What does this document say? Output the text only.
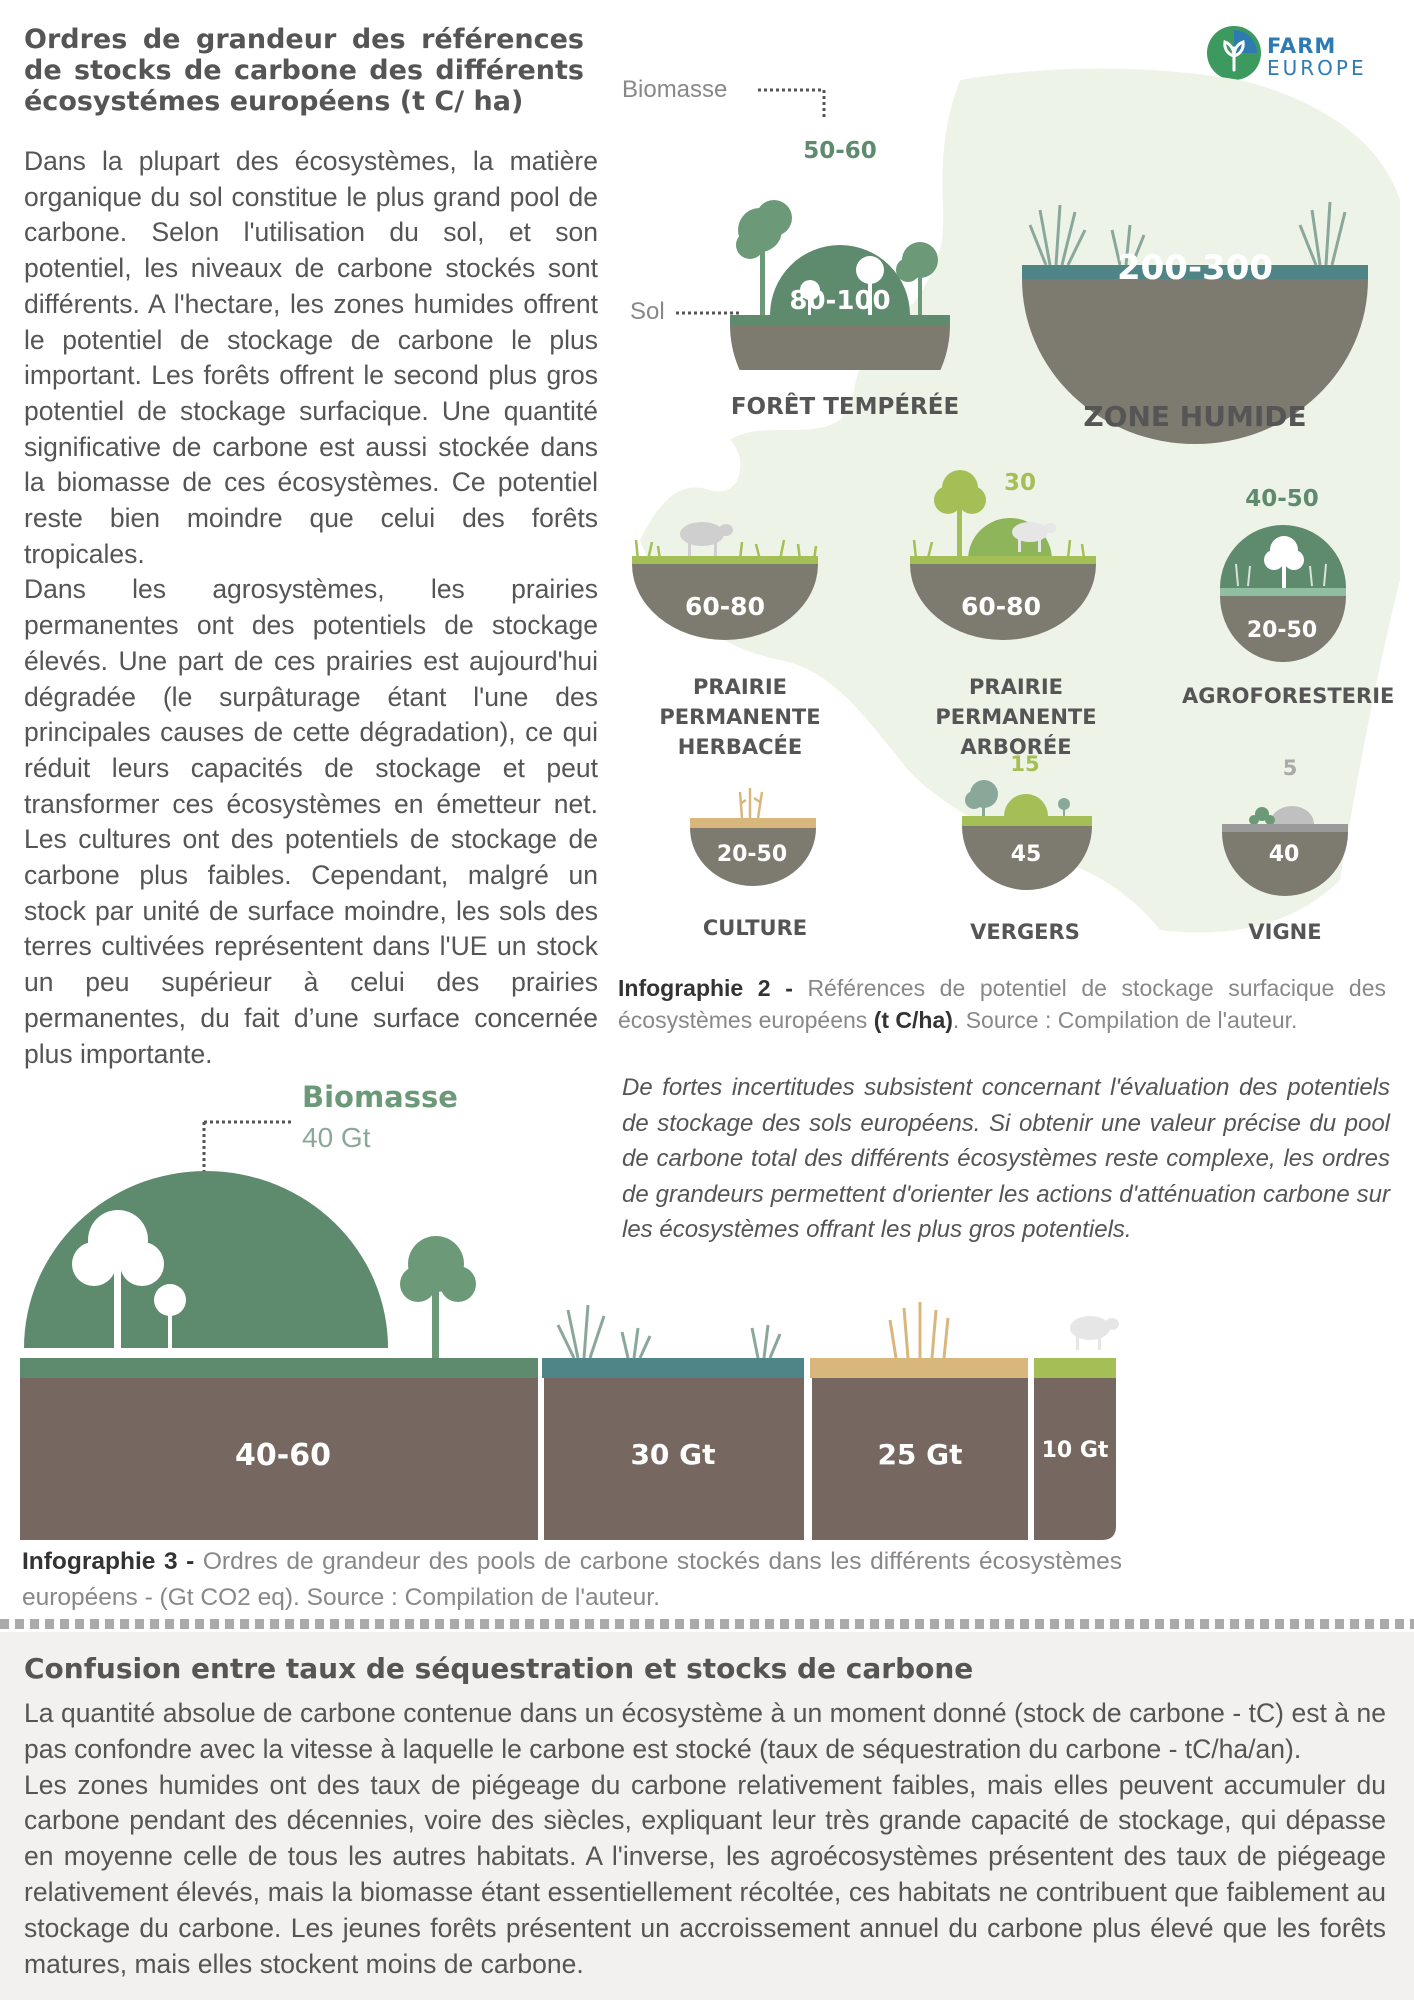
Ordres de grandeur des références de stocks de carbone des différents écosystémes européens (t C/ ha)
FARM
EUROPE

Dans la plupart des écosystèmes, la matière organique du sol constitue le plus grand pool de carbone. Selon l'utilisation du sol, et son potentiel, les niveaux de carbone stockés sont différents. A l'hectare, les zones humides offrent le potentiel de stockage de carbone le plus important. Les forêts offrent le second plus gros potentiel de stockage surfacique. Une quantité significative de carbone est aussi stockée dans la biomasse de ces écosystèmes. Ce potentiel reste bien moindre que celui des forêts tropicales.

Dans les agrosystèmes, les prairies permanentes ont des potentiels de stockage élevés. Une part de ces prairies est aujourd'hui dégradée (le surpâturage étant l'une des principales causes de cette dégradation), ce qui réduit leurs capacités de stockage et peut transformer ces écosystèmes en émetteur net. Les cultures ont des potentiels de stockage de carbone plus faibles. Cependant, malgré un stock par unité de surface moindre, les sols des terres cultivées représentent dans l'UE un stock un peu supérieur à celui des prairies permanentes, du fait d’une surface concernée plus importante.

Biomasse
Sol
50-60
80-100
FORÊT TEMPÉRÉE
200-300
ZONE HUMIDE
60-80
PRAIRIE PERMANENTE
HERBACÉE
30
60-80
PRAIRIE PERMANENTE
ARBORÉE
40-50
20-50
AGROFORESTERIE
20-50
CULTURE
15
45
VERGERS
5
40
VIGNE
Infographie 2 - Références de potentiel de stockage surfacique des écosystèmes européens (t C/ha). Source : Compilation de l'auteur.
De fortes incertitudes subsistent concernant l'évaluation des potentiels de stockage des sols européens. Si obtenir une valeur précise du pool de carbone total des différents écosystèmes reste complexe, les ordres de grandeurs permettent d'orienter les actions d'atténuation carbone sur les écosystèmes offrant les plus gros potentiels.
Biomasse
40 Gt
40-60	30 Gt	25 Gt	10 Gt
Infographie 3 - Ordres de grandeur des pools de carbone stockés dans les différents écosystèmes européens - (Gt CO2 eq). Source : Compilation de l'auteur.
Confusion entre taux de séquestration et stocks de carbone

La quantité absolue de carbone contenue dans un écosystème à un moment donné (stock de carbone - tC) est à ne pas confondre avec la vitesse à laquelle le carbone est stocké (taux de séquestration du carbone - tC/ha/an).

Les zones humides ont des taux de piégeage du carbone relativement faibles, mais elles peuvent accumuler du carbone pendant des décennies, voire des siècles, expliquant leur très grande capacité de stockage, qui dépasse en moyenne celle de tous les autres habitats. A l'inverse, les agroécosystèmes présentent des taux de piégeage relativement élevés, mais la biomasse étant essentiellement récoltée, ces habitats ne contribuent que faiblement au stockage du carbone. Les jeunes forêts présentent un accroissement annuel du carbone plus élevé que les forêts matures, mais elles stockent moins de carbone.
